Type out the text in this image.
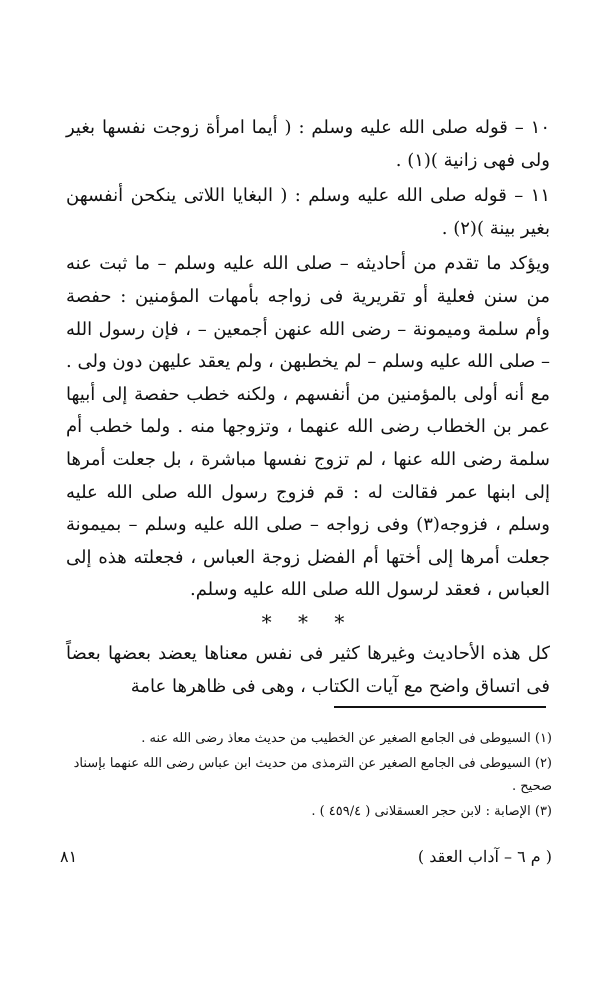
١٠ – قوله صلى الله عليه وسلم : ( أيما امرأة زوجت نفسها بغير ولى فهى زانية )(١) .

١١ – قوله صلى الله عليه وسلم : ( البغايا اللاتى ينكحن أنفسهن بغير بينة )(٢) .

ويؤكد ما تقدم من أحاديثه – صلى الله عليه وسلم – ما ثبت عنه من سنن فعلية أو تقريرية فى زواجه بأمهات المؤمنين : حفصة وأم سلمة وميمونة – رضى الله عنهن أجمعين – ، فإن رسول الله – صلى الله عليه وسلم – لم يخطبهن ، ولم يعقد عليهن دون ولى . مع أنه أولى بالمؤمنين من أنفسهم ، ولكنه خطب حفصة إلى أبيها عمر بن الخطاب رضى الله عنهما ، وتزوجها منه . ولما خطب أم سلمة رضى الله عنها ، لم تزوج نفسها مباشرة ، بل جعلت أمرها إلى ابنها عمر فقالت له : قم فزوج رسول الله صلى الله عليه وسلم ، فزوجه(٣) وفى زواجه – صلى الله عليه وسلم – بميمونة جعلت أمرها إلى أختها أم الفضل زوجة العباس ، فجعلته هذه إلى العباس ، فعقد لرسول الله صلى الله عليه وسلم.

* * *

كل هذه الأحاديث وغيرها كثير فى نفس معناها يعضد بعضها بعضاً فى اتساق واضح مع آيات الكتاب ، وهى فى ظاهرها عامة

(١) السيوطى فى الجامع الصغير عن الخطيب من حديث معاذ رضى الله عنه .

(٢) السيوطى فى الجامع الصغير عن الترمذى من حديث ابن عباس رضى الله عنهما بإسناد صحيح .

(٣) الإصابة : لابن حجر العسقلانى ( ٤٥٩/٤ ) .

( م ٦ – آداب العقد )
٨١
